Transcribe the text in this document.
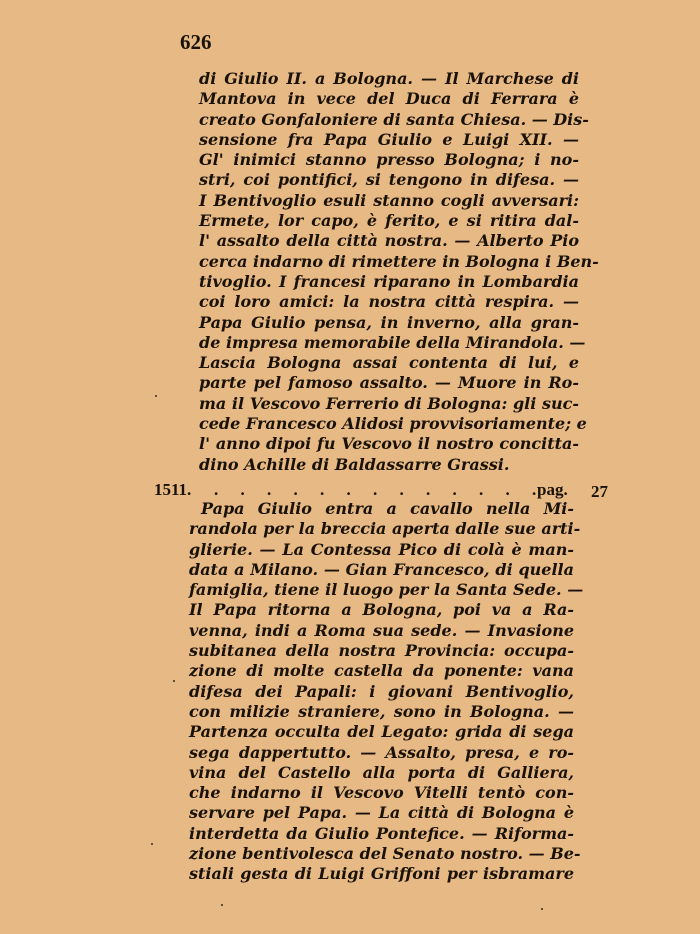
626
di Giulio II. a Bologna. — Il Marchese di
Mantova in vece del Duca di Ferrara è
creato Gonfaloniere di santa Chiesa. — Dis-
sensione fra Papa Giulio e Luigi XII. —
Gl' inimici stanno presso Bologna; i no-
stri, coi pontifici, si tengono in difesa. —
I Bentivoglio esuli stanno cogli avversari:
Ermete, lor capo, è ferito, e si ritira dal-
l' assalto della città nostra. — Alberto Pio
cerca indarno di rimettere in Bologna i Ben-
tivoglio. I francesi riparano in Lombardia
coi loro amici: la nostra città respira. —
Papa Giulio pensa, in inverno, alla gran-
de impresa memorabile della Mirandola. —
Lascia Bologna assai contenta di lui, e
parte pel famoso assalto. — Muore in Ro-
ma il Vescovo Ferrerio di Bologna: gli suc-
cede Francesco Alidosi provvisoriamente; e
l' anno dipoi fu Vescovo il nostro concitta-
dino Achille di Baldassarre Grassi.
1511. . . . . . . . . . . . . .
pag. 27
Papa Giulio entra a cavallo nella Mi-
randola per la breccia aperta dalle sue arti-
glierie. — La Contessa Pico di colà è man-
data a Milano. — Gian Francesco, di quella
famiglia, tiene il luogo per la Santa Sede. —
Il Papa ritorna a Bologna, poi va a Ra-
venna, indi a Roma sua sede. — Invasione
subitanea della nostra Provincia: occupa-
zione di molte castella da ponente: vana
difesa dei Papali: i giovani Bentivoglio,
con milizie straniere, sono in Bologna. —
Partenza occulta del Legato: grida di sega
sega dappertutto. — Assalto, presa, e ro-
vina del Castello alla porta di Galliera,
che indarno il Vescovo Vitelli tentò con-
servare pel Papa. — La città di Bologna è
interdetta da Giulio Pontefice. — Riforma-
zione bentivolesca del Senato nostro. — Be-
stiali gesta di Luigi Griffoni per isbramare
